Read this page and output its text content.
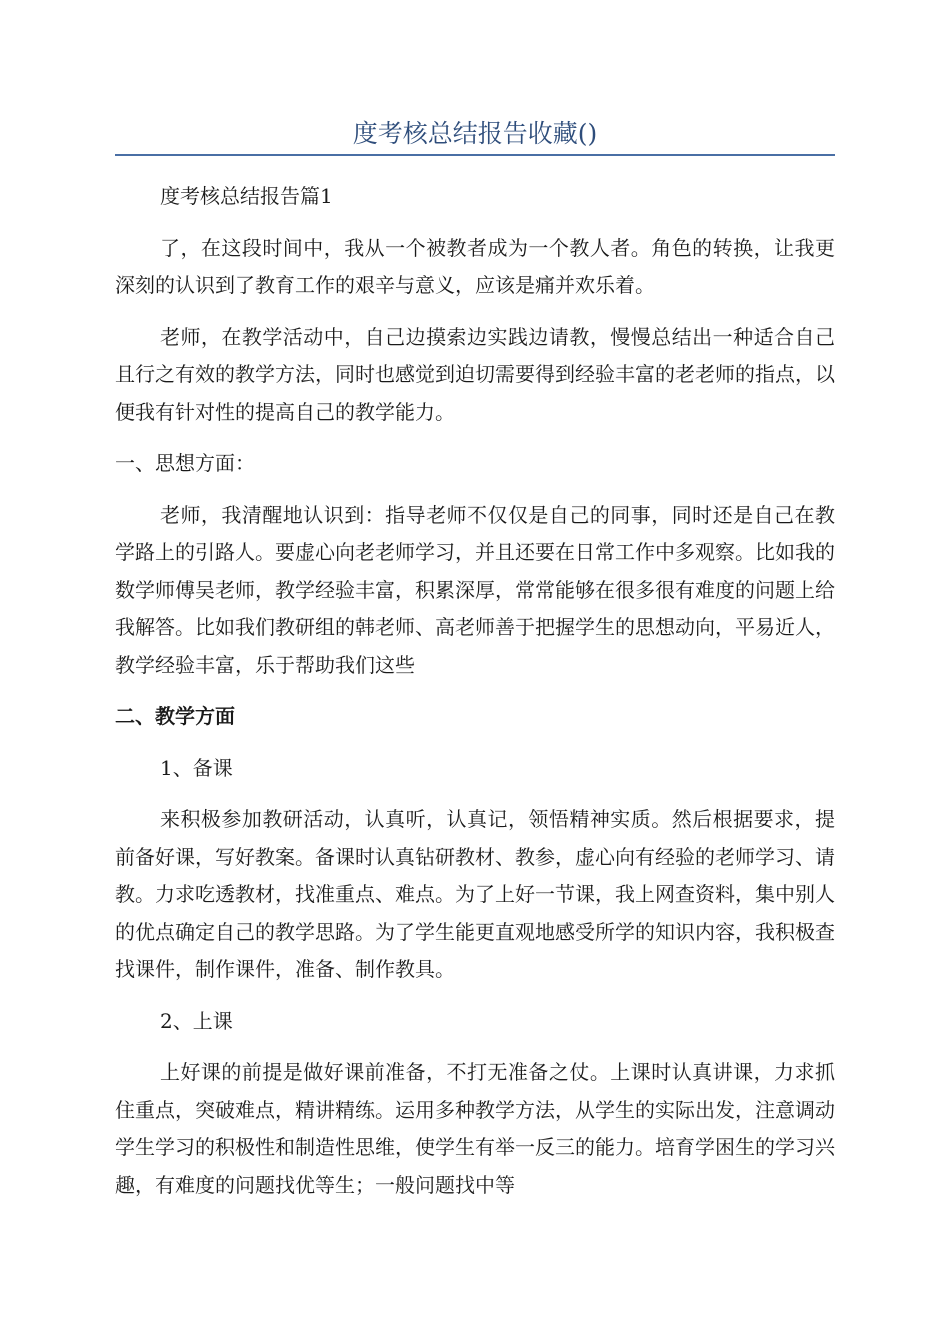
度考核总结报告收藏()

度考核总结报告篇1

了，在这段时间中，我从一个被教者成为一个教人者。角色的转换，让我更深刻的认识到了教育工作的艰辛与意义，应该是痛并欢乐着。

老师，在教学活动中，自己边摸索边实践边请教，慢慢总结出一种适合自己且行之有效的教学方法，同时也感觉到迫切需要得到经验丰富的老老师的指点，以便我有针对性的提高自己的教学能力。

一、思想方面：

老师，我清醒地认识到：指导老师不仅仅是自己的同事，同时还是自己在教学路上的引路人。要虚心向老老师学习，并且还要在日常工作中多观察。比如我的数学师傅吴老师，教学经验丰富，积累深厚，常常能够在很多很有难度的问题上给我解答。比如我们教研组的韩老师、高老师善于把握学生的思想动向，平易近人，教学经验丰富，乐于帮助我们这些

二、教学方面

1、备课

来积极参加教研活动，认真听，认真记，领悟精神实质。然后根据要求，提前备好课，写好教案。备课时认真钻研教材、教参，虚心向有经验的老师学习、请教。力求吃透教材，找准重点、难点。为了上好一节课，我上网查资料，集中别人的优点确定自己的教学思路。为了学生能更直观地感受所学的知识内容，我积极查找课件，制作课件，准备、制作教具。

2、上课

上好课的前提是做好课前准备，不打无准备之仗。上课时认真讲课，力求抓住重点，突破难点，精讲精练。运用多种教学方法，从学生的实际出发，注意调动学生学习的积极性和制造性思维，使学生有举一反三的能力。培育学困生的学习兴趣，有难度的问题找优等生；一般问题找中等
